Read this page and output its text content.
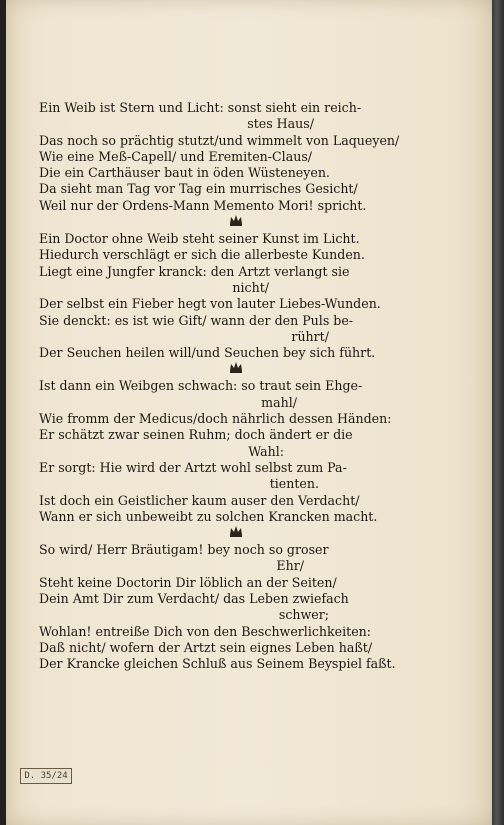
Ein Weib ist Stern und Licht: sonst sieht ein reich-
stes Haus/
Das noch so prächtig stutzt/und wimmelt von Laqueyen/
Wie eine Meß-Capell/ und Eremiten-Claus/
Die ein Carthäuser baut in öden Wüsteneyen.
Da sieht man Tag vor Tag ein murrisches Gesicht/
Weil nur der Ordens-Mann Memento Mori! spricht.
Ein Doctor ohne Weib steht seiner Kunst im Licht.
Hiedurch verschlägt er sich die allerbeste Kunden.
Liegt eine Jungfer kranck: den Artzt verlangt sie
nicht/
Der selbst ein Fieber hegt von lauter Liebes-Wunden.
Sie denckt: es ist wie Gift/ wann der den Puls be-
rührt/
Der Seuchen heilen will/und Seuchen bey sich führt.
Ist dann ein Weibgen schwach: so traut sein Ehge-
mahl/
Wie fromm der Medicus/doch nährlich dessen Händen:
Er schätzt zwar seinen Ruhm; doch ändert er die
Wahl:
Er sorgt: Hie wird der Artzt wohl selbst zum Pa-
tienten.
Ist doch ein Geistlicher kaum auser den Verdacht/
Wann er sich unbeweibt zu solchen Krancken macht.
So wird/ Herr Bräutigam! bey noch so groser
Ehr/
Steht keine Doctorin Dir löblich an der Seiten/
Dein Amt Dir zum Verdacht/ das Leben zwiefach
schwer;
Wohlan! entreiße Dich von den Beschwerlichkeiten:
Daß nicht/ wofern der Artzt sein eignes Leben haßt/
Der Krancke gleichen Schluß aus Seinem Beyspiel faßt.
D. 35/24
